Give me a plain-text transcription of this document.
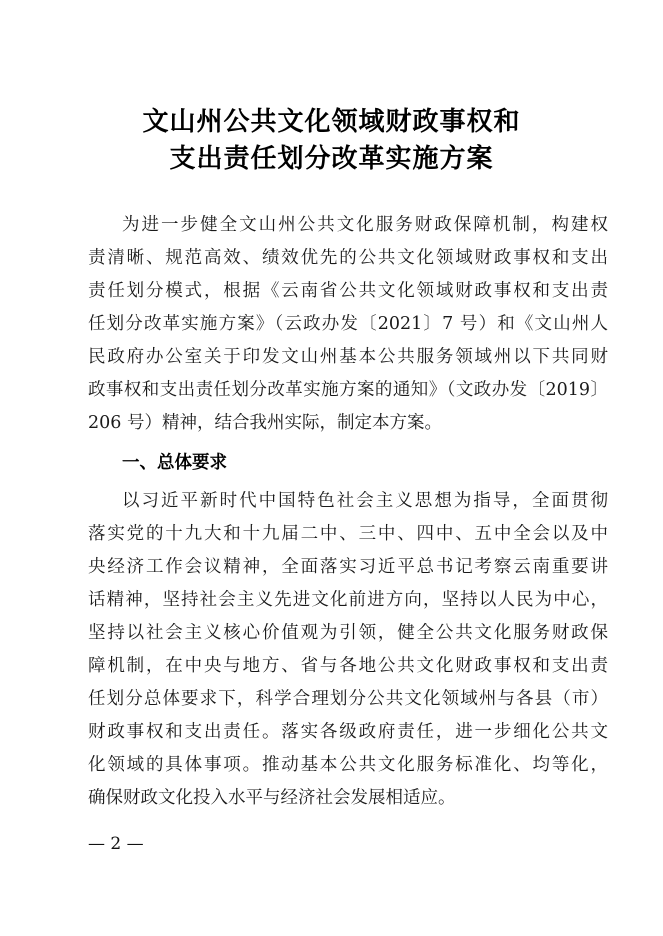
文山州公共文化领域财政事权和
支出责任划分改革实施方案
为进一步健全文山州公共文化服务财政保障机制，构建权
责清晰、规范高效、绩效优先的公共文化领域财政事权和支出
责任划分模式，根据《云南省公共文化领域财政事权和支出责
任划分改革实施方案》（云政办发〔2021〕7 号）和《文山州人
民政府办公室关于印发文山州基本公共服务领域州以下共同财
政事权和支出责任划分改革实施方案的通知》（文政办发〔2019〕
206 号）精神，结合我州实际，制定本方案。
一、总体要求
以习近平新时代中国特色社会主义思想为指导，全面贯彻
落实党的十九大和十九届二中、三中、四中、五中全会以及中
央经济工作会议精神，全面落实习近平总书记考察云南重要讲
话精神，坚持社会主义先进文化前进方向，坚持以人民为中心，
坚持以社会主义核心价值观为引领，健全公共文化服务财政保
障机制，在中央与地方、省与各地公共文化财政事权和支出责
任划分总体要求下，科学合理划分公共文化领域州与各县（市）
财政事权和支出责任。落实各级政府责任，进一步细化公共文
化领域的具体事项。推动基本公共文化服务标准化、均等化，
确保财政文化投入水平与经济社会发展相适应。
— 2 —
